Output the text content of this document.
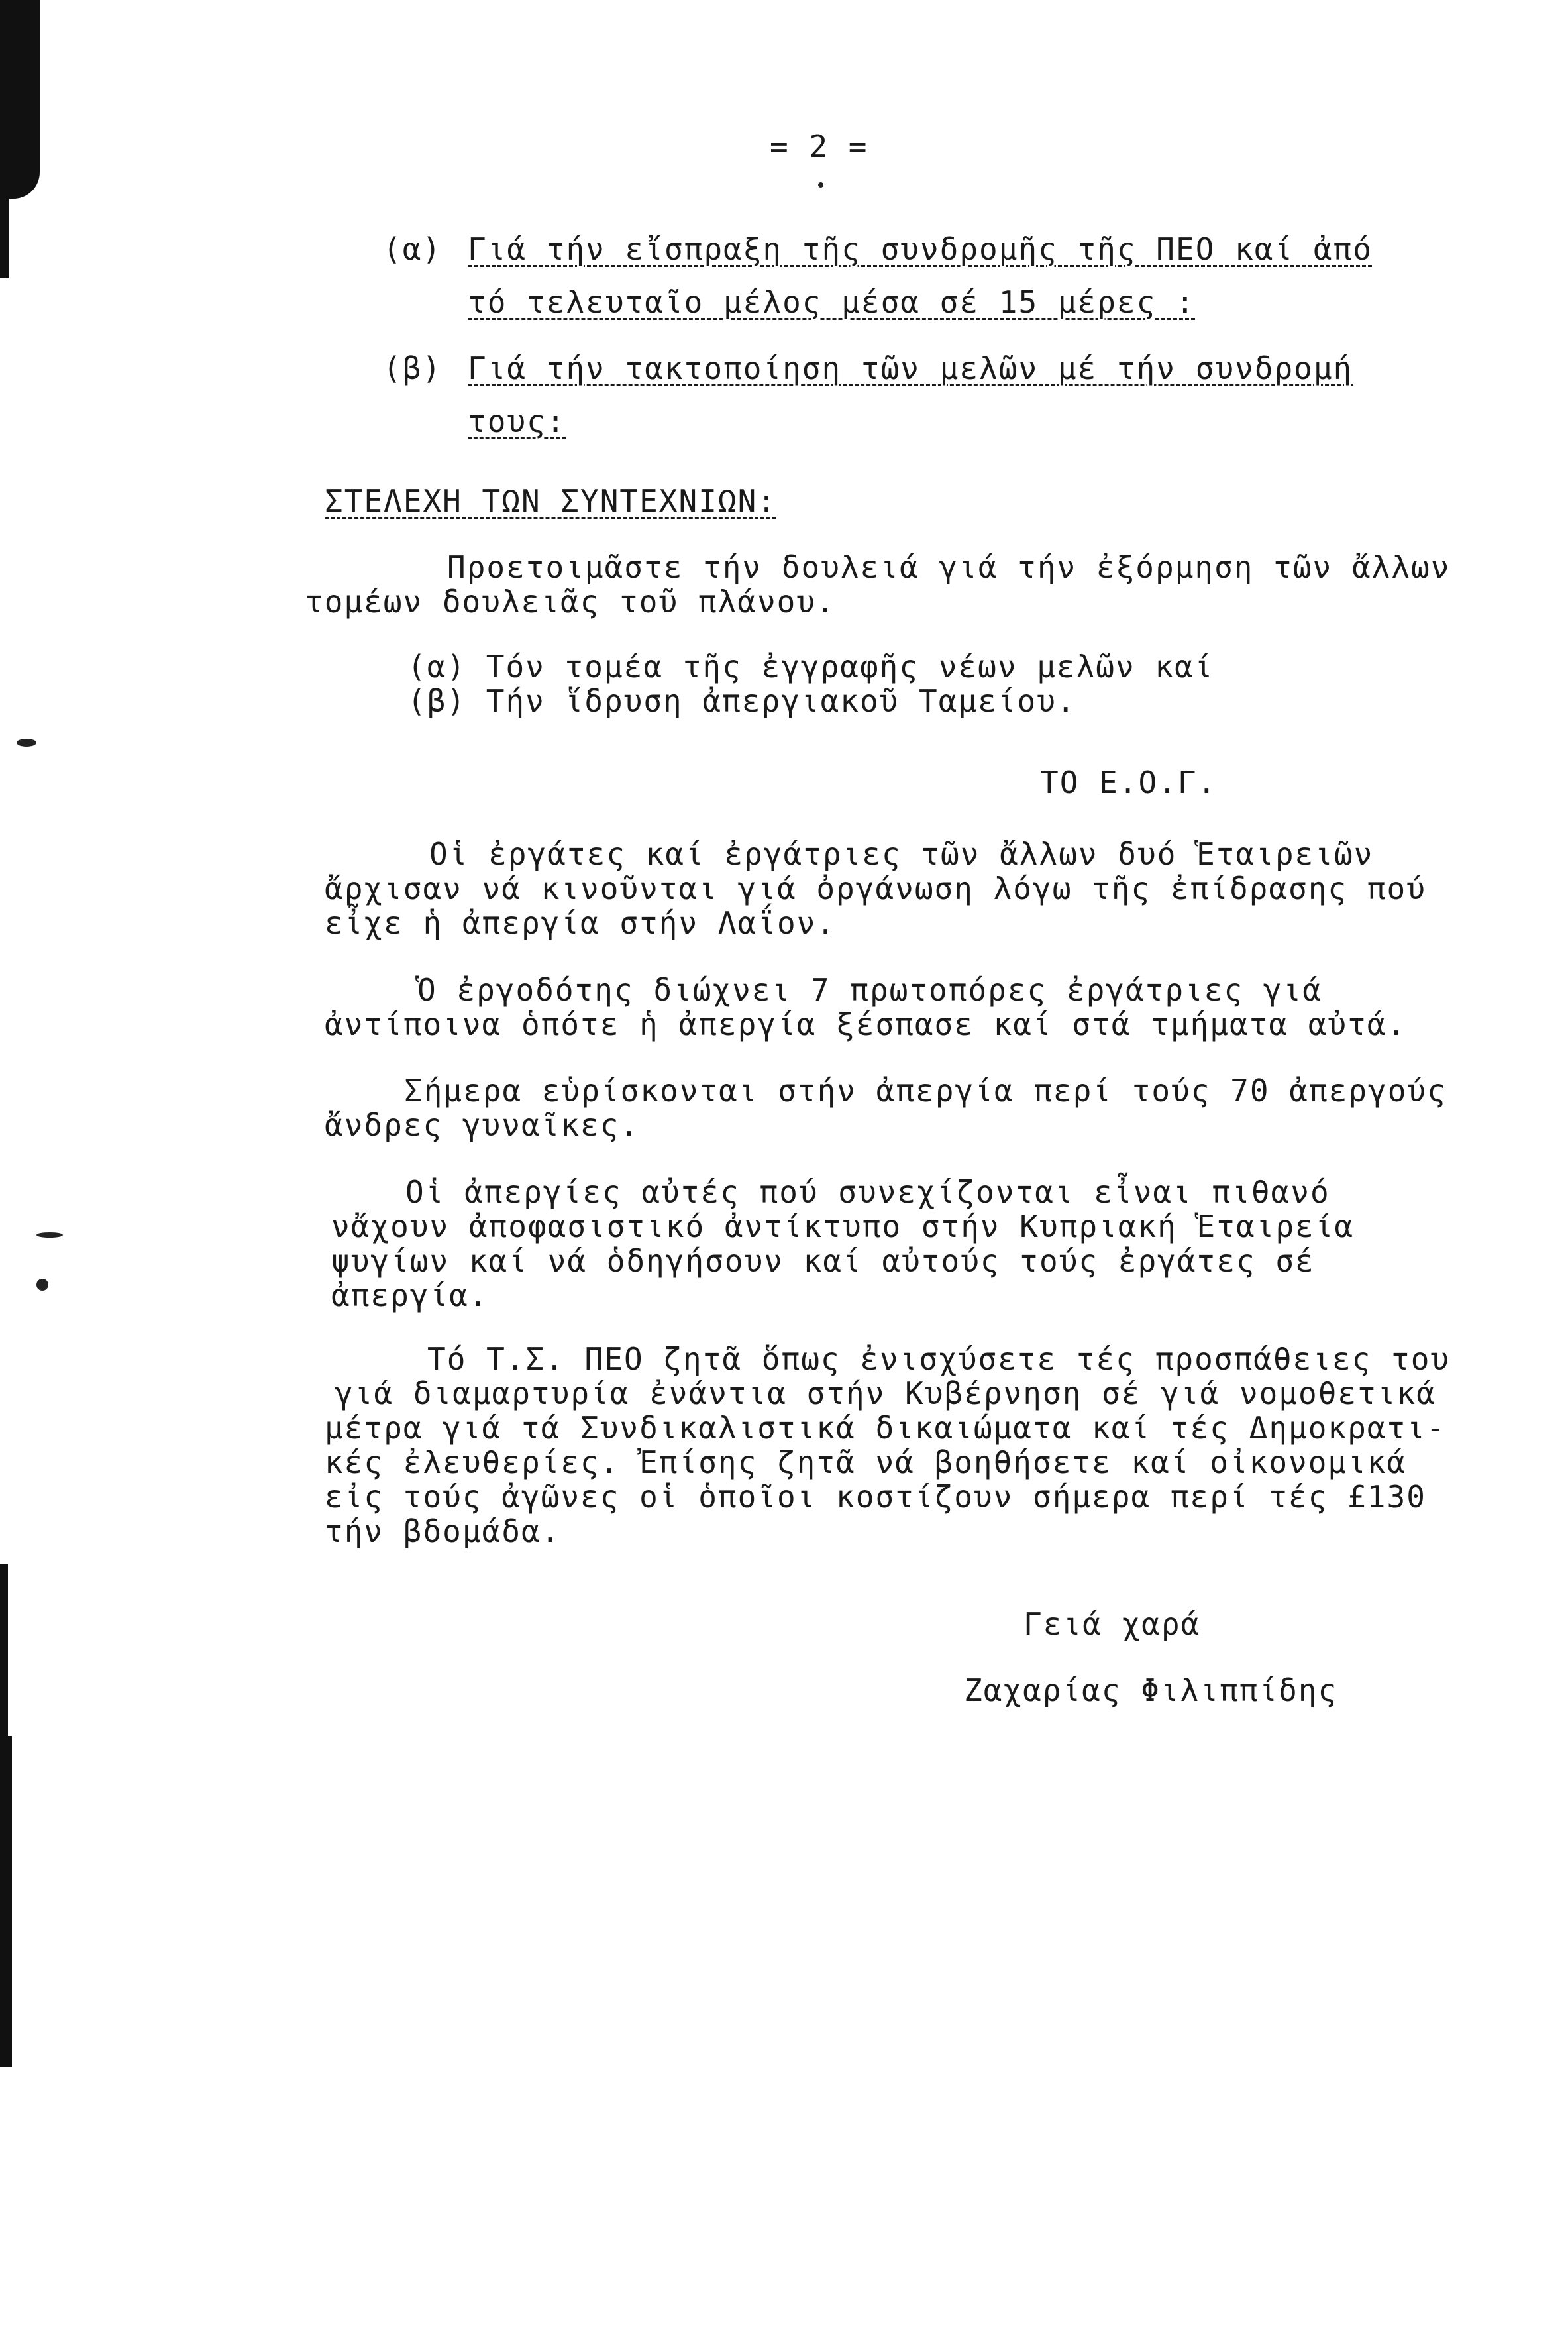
= 2 =
(α) Γιά τήν εἴσπραξη τῆς συνδρομῆς τῆς ΠΕΟ καί ἀπό
τό τελευταῖο μέλος μέσα σέ 15 μέρες :
(β) Γιά τήν τακτοποίηση τῶν μελῶν μέ τήν συνδρομή
τους:
ΣΤΕΛΕΧΗ ΤΩΝ ΣΥΝΤΕΧΝΙΩΝ:
Προετοιμᾶστε τήν δουλειά γιά τήν ἐξόρμηση τῶν ἄλλων
τομέων δουλειᾶς τοῦ πλάνου.
(α) Τόν τομέα τῆς ἐγγραφῆς νέων μελῶν καί
(β) Τήν ἵδρυση ἀπεργιακοῦ Ταμείου.
ΤΟ Ε.Ο.Γ.
Οἱ ἐργάτες καί ἐργάτριες τῶν ἄλλων δυό Ἑταιρειῶν
ἄρχισαν νά κινοῦνται γιά ὀργάνωση λόγω τῆς ἐπίδρασης πού
εἶχε ἡ ἀπεργία στήν Λαΐον.
Ὁ ἐργοδότης διώχνει 7 πρωτοπόρες ἐργάτριες γιά
ἀντίποινα ὁπότε ἡ ἀπεργία ξέσπασε καί στά τμήματα αὐτά.
Σήμερα εὑρίσκονται στήν ἀπεργία περί τούς 70 ἀπεργούς
ἄνδρες γυναῖκες.
Οἱ ἀπεργίες αὐτές πού συνεχίζονται εἶναι πιθανό
νἄχουν ἀποφασιστικό ἀντίκτυπο στήν Κυπριακή Ἑταιρεία
ψυγίων καί νά ὁδηγήσουν καί αὐτούς τούς ἐργάτες σέ
ἀπεργία.
Τό Τ.Σ. ΠΕΟ ζητᾶ ὅπως ἐνισχύσετε τές προσπάθειες του
γιά διαμαρτυρία ἐνάντια στήν Κυβέρνηση σέ γιά νομοθετικά
μέτρα γιά τά Συνδικαλιστικά δικαιώματα καί τές Δημοκρατι-
κές ἐλευθερίες. Ἐπίσης ζητᾶ νά βοηθήσετε καί οἰκονομικά
εἰς τούς ἀγῶνες οἱ ὁποῖοι κοστίζουν σήμερα περί τές £130
τήν βδομάδα.
Γειά χαρά
Ζαχαρίας Φιλιππίδης
